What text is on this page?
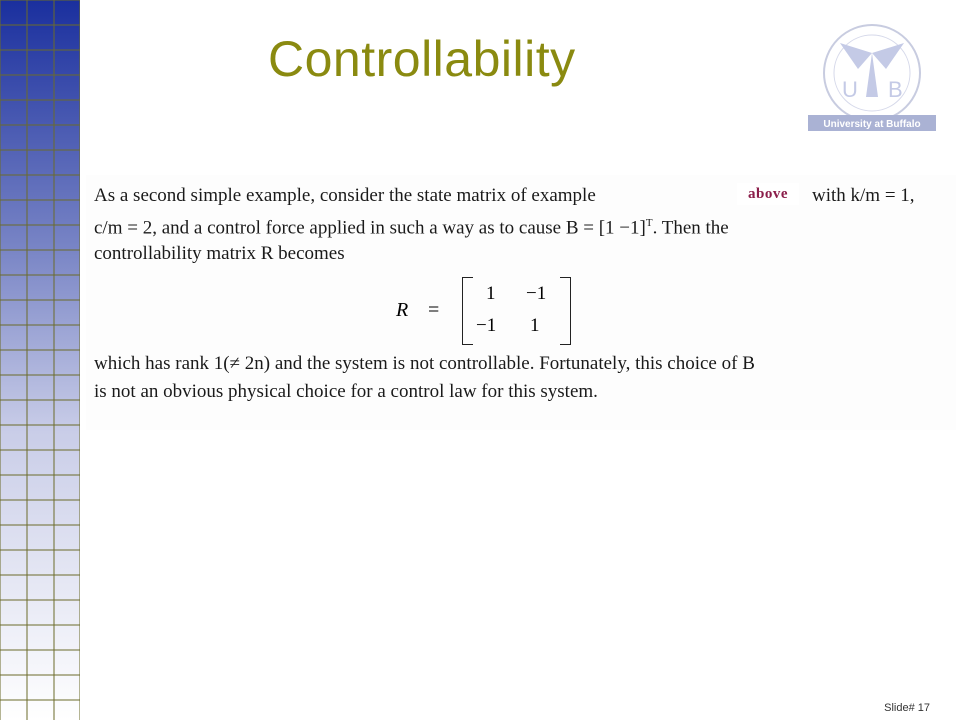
Controllability
U B
University at Buffalo
As a second simple example, consider the state matrix of example	above	with k/m = 1,
c/m = 2, and a control force applied in such a way as to cause $B = [1 -1]^T$. Then the
controllability matrix R becomes
R =
1 −1
−1 1
which has rank 1(≠ 2n) and the system is not controllable. Fortunately, this choice of B
is not an obvious physical choice for a control law for this system.
Slide# 17
